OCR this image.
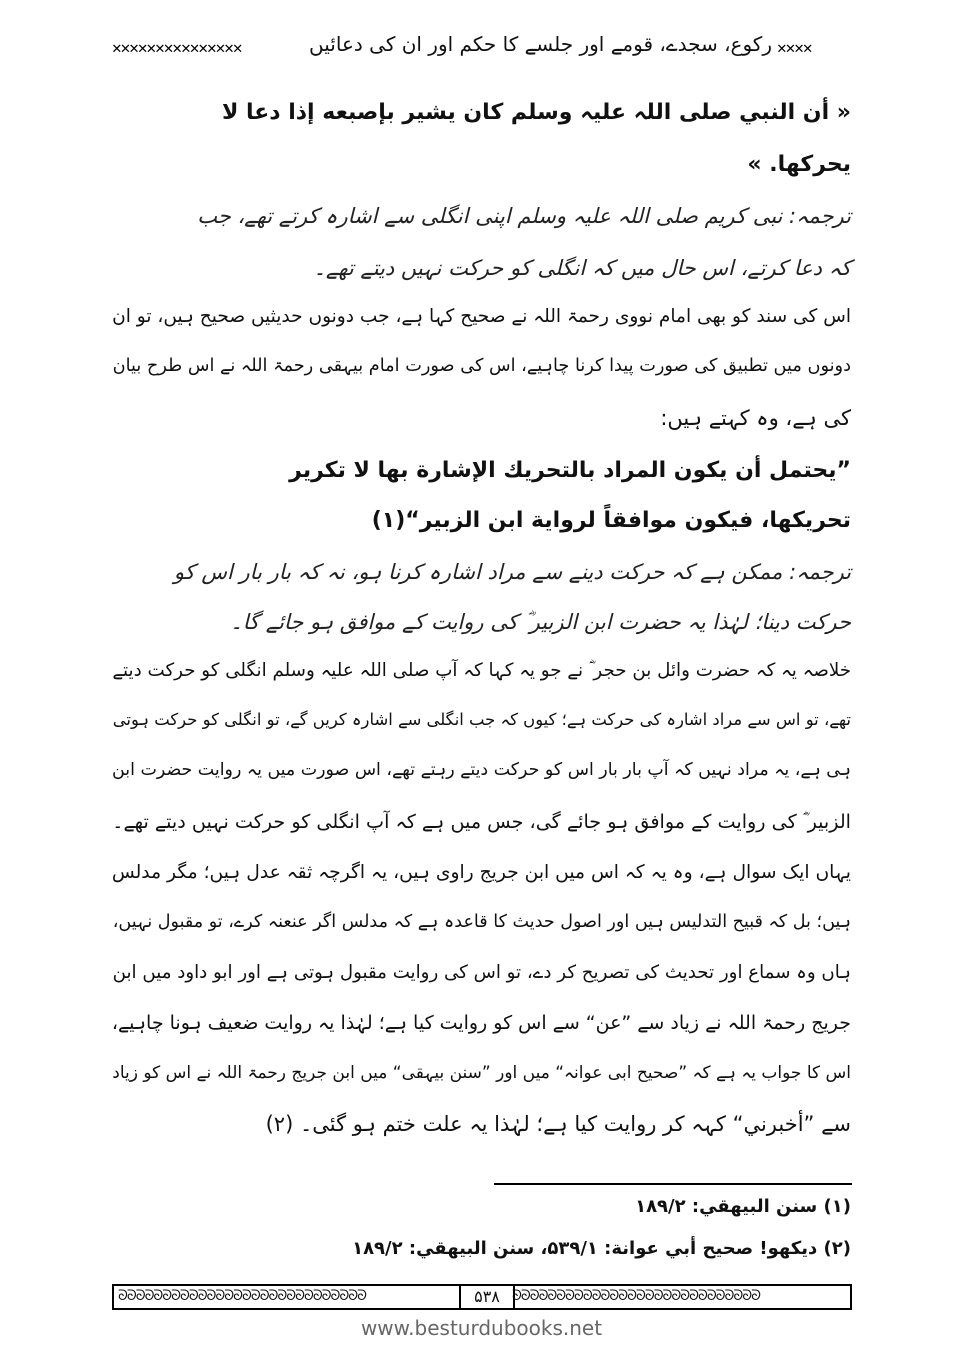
✕✕✕✕
رکوع، سجدے، قومے اور جلسے کا حکم اور ان کی دعائیں
✕✕✕✕✕✕✕✕✕✕✕✕✕✕✕
« أن النبي صلی اللہ علیہ وسلم كان يشير بإصبعه إذا دعا لا
يحركها. »
ترجمہ: نبی کریم صلی اللہ علیہ وسلم اپنی انگلی سے اشارہ کرتے تھے، جب
کہ دعا کرتے، اس حال میں کہ انگلی کو حرکت نہیں دیتے تھے۔
اس کی سند کو بھی امام نووی رحمۃ اللہ نے صحیح کہا ہے، جب دونوں حدیثیں صحیح ہیں، تو ان
دونوں میں تطبیق کی صورت پیدا کرنا چاہیے، اس کی صورت امام بیہقی رحمۃ اللہ نے اس طرح بیان
کی ہے، وہ کہتے ہیں:
”يحتمل أن يكون المراد بالتحريك الإشارة بها لا تكرير
تحريكها، فيكون موافقاً لرواية ابن الزبير“(۱)
ترجمہ: ممکن ہے کہ حرکت دینے سے مراد اشارہ کرنا ہو، نہ کہ بار بار اس کو
حرکت دینا؛ لہٰذا یہ حضرت ابن الزبیر ؓ کی روایت کے موافق ہو جائے گا۔
خلاصہ یہ کہ حضرت وائل بن حجر ؓ نے جو یہ کہا کہ آپ صلی اللہ علیہ وسلم انگلی کو حرکت دیتے
تھے، تو اس سے مراد اشارہ کی حرکت ہے؛ کیوں کہ جب انگلی سے اشارہ کریں گے، تو انگلی کو حرکت ہوتی
ہی ہے، یہ مراد نہیں کہ آپ بار بار اس کو حرکت دیتے رہتے تھے، اس صورت میں یہ روایت حضرت ابن
الزبیر ؓ کی روایت کے موافق ہو جائے گی، جس میں ہے کہ آپ انگلی کو حرکت نہیں دیتے تھے۔
یہاں ایک سوال ہے، وہ یہ کہ اس میں ابن جریج راوی ہیں، یہ اگرچہ ثقہ عدل ہیں؛ مگر مدلس
ہیں؛ بل کہ قبیح التدلیس ہیں اور اصول حدیث کا قاعدہ ہے کہ مدلس اگر عنعنہ کرے، تو مقبول نہیں،
ہاں وہ سماع اور تحدیث کی تصریح کر دے، تو اس کی روایت مقبول ہوتی ہے اور ابو داود میں ابن
جریج رحمۃ اللہ نے زیاد سے ”عن“ سے اس کو روایت کیا ہے؛ لہٰذا یہ روایت ضعیف ہونا چاہیے،
اس کا جواب یہ ہے کہ ”صحیح ابی عوانہ“ میں اور ”سنن بیہقی“ میں ابن جریج رحمۃ اللہ نے اس کو زیاد
سے ”أخبرني“ کہہ کر روایت کیا ہے؛ لہٰذا یہ علت ختم ہو گئی۔ (۲)
(۱) سنن البيهقي: ۱۸۹/۲
(۲) دیکھو! صحيح أبي عوانة: ۵۳۹/۱، سنن البيهقي: ۱۸۹/۲
ᘐᘐᘐᘐᘐᘐᘐᘐᘐᘐᘐᘐᘐᘐᘐᘐᘐᘐᘐᘐᘐᘐᘐᘐᘐᘐᘐᘐ	۵۳۸ ᘐᘐᘐᘐᘐᘐᘐᘐᘐᘐᘐᘐᘐᘐᘐᘐᘐᘐᘐᘐᘐᘐᘐᘐᘐᘐᘐᘐ
www.besturdubooks.net
